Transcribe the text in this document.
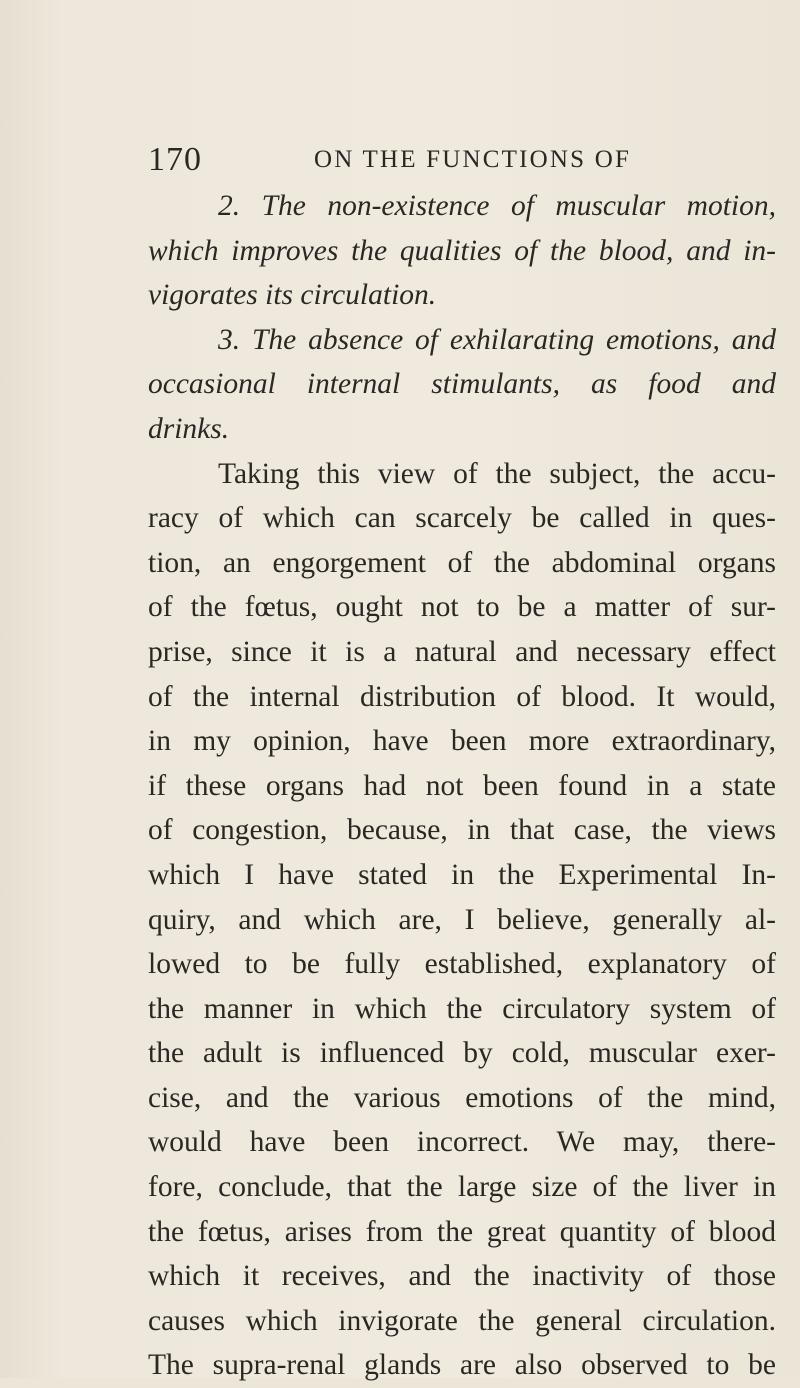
170	ON THE FUNCTIONS OF
2. The non-existence of muscular motion,
which improves the qualities of the blood, and in-
vigorates its circulation.
3. The absence of exhilarating emotions, and
occasional internal stimulants, as food and
drinks.
Taking this view of the subject, the accu-
racy of which can scarcely be called in ques-
tion, an engorgement of the abdominal organs
of the fœtus, ought not to be a matter of sur-
prise, since it is a natural and necessary effect
of the internal distribution of blood. It would,
in my opinion, have been more extraordinary,
if these organs had not been found in a state
of congestion, because, in that case, the views
which I have stated in the Experimental In-
quiry, and which are, I believe, generally al-
lowed to be fully established, explanatory of
the manner in which the circulatory system of
the adult is influenced by cold, muscular exer-
cise, and the various emotions of the mind,
would have been incorrect. We may, there-
fore, conclude, that the large size of the liver in
the fœtus, arises from the great quantity of blood
which it receives, and the inactivity of those
causes which invigorate the general circulation.
The supra-renal glands are also observed to be
